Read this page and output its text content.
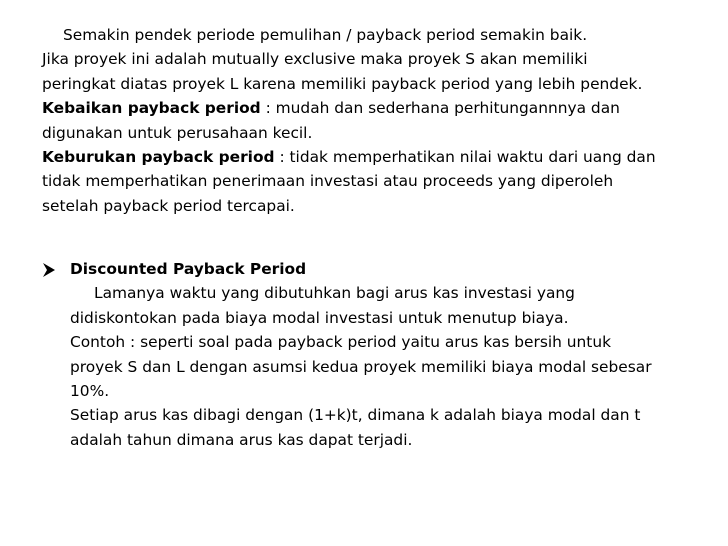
Semakin pendek periode pemulihan / payback period semakin baik.
Jika proyek ini adalah mutually exclusive maka proyek S akan memiliki
peringkat diatas proyek L karena memiliki payback period yang lebih pendek.
Kebaikan payback period : mudah dan sederhana perhitungannnya dan
digunakan untuk perusahaan kecil.
Keburukan payback period : tidak memperhatikan nilai waktu dari uang dan
tidak memperhatikan penerimaan investasi atau proceeds yang diperoleh
setelah payback period tercapai.
Discounted Payback Period
Lamanya waktu yang dibutuhkan bagi arus kas investasi yang
didiskontokan pada biaya modal investasi untuk menutup biaya.
Contoh : seperti soal pada payback period yaitu arus kas bersih untuk
proyek S dan L dengan asumsi kedua proyek memiliki biaya modal sebesar
10%.
Setiap arus kas dibagi dengan (1+k)t, dimana k adalah biaya modal dan t
adalah tahun dimana arus kas dapat terjadi.
